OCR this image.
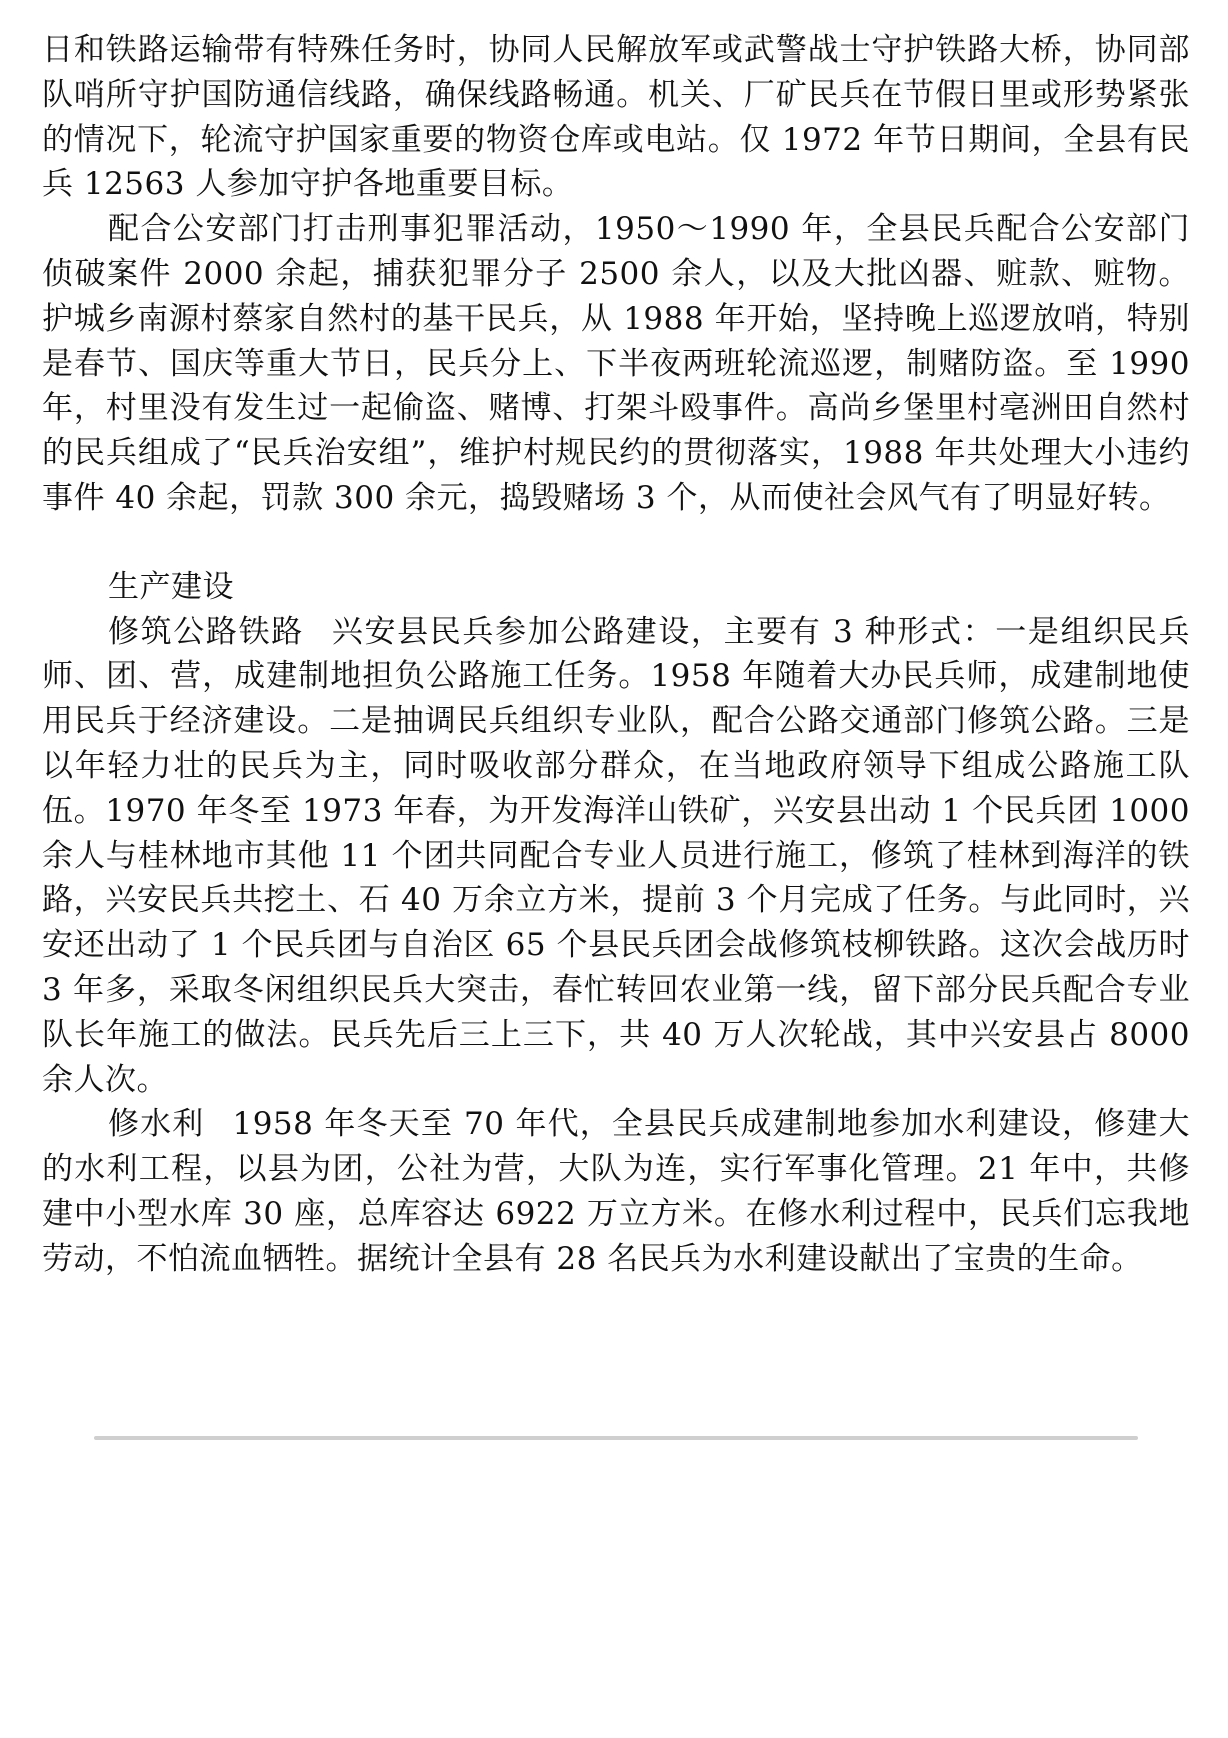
日和铁路运输带有特殊任务时，协同人民解放军或武警战士守护铁路大桥，协同部队哨所守护国防通信线路，确保线路畅通。机关、厂矿民兵在节假日里或形势紧张的情况下，轮流守护国家重要的物资仓库或电站。仅 1972 年节日期间，全县有民兵 12563 人参加守护各地重要目标。

配合公安部门打击刑事犯罪活动，1950～1990 年，全县民兵配合公安部门侦破案件 2000 余起，捕获犯罪分子 2500 余人，以及大批凶器、赃款、赃物。护城乡南源村蔡家自然村的基干民兵，从 1988 年开始，坚持晚上巡逻放哨，特别是春节、国庆等重大节日，民兵分上、下半夜两班轮流巡逻，制赌防盗。至 1990 年，村里没有发生过一起偷盗、赌博、打架斗殴事件。高尚乡堡里村亳洲田自然村的民兵组成了“民兵治安组”，维护村规民约的贯彻落实，1988 年共处理大小违约事件 40 余起，罚款 300 余元，捣毁赌场 3 个，从而使社会风气有了明显好转。

生产建设

修筑公路铁路 兴安县民兵参加公路建设，主要有 3 种形式：一是组织民兵师、团、营，成建制地担负公路施工任务。1958 年随着大办民兵师，成建制地使用民兵于经济建设。二是抽调民兵组织专业队，配合公路交通部门修筑公路。三是以年轻力壮的民兵为主，同时吸收部分群众，在当地政府领导下组成公路施工队伍。1970 年冬至 1973 年春，为开发海洋山铁矿，兴安县出动 1 个民兵团 1000 余人与桂林地市其他 11 个团共同配合专业人员进行施工，修筑了桂林到海洋的铁路，兴安民兵共挖土、石 40 万余立方米，提前 3 个月完成了任务。与此同时，兴安还出动了 1 个民兵团与自治区 65 个县民兵团会战修筑枝柳铁路。这次会战历时 3 年多，采取冬闲组织民兵大突击，春忙转回农业第一线，留下部分民兵配合专业队长年施工的做法。民兵先后三上三下，共 40 万人次轮战，其中兴安县占 8000 余人次。

修水利 1958 年冬天至 70 年代，全县民兵成建制地参加水利建设，修建大的水利工程，以县为团，公社为营，大队为连，实行军事化管理。21 年中，共修建中小型水库 30 座，总库容达 6922 万立方米。在修水利过程中，民兵们忘我地劳动，不怕流血牺牲。据统计全县有 28 名民兵为水利建设献出了宝贵的生命。
